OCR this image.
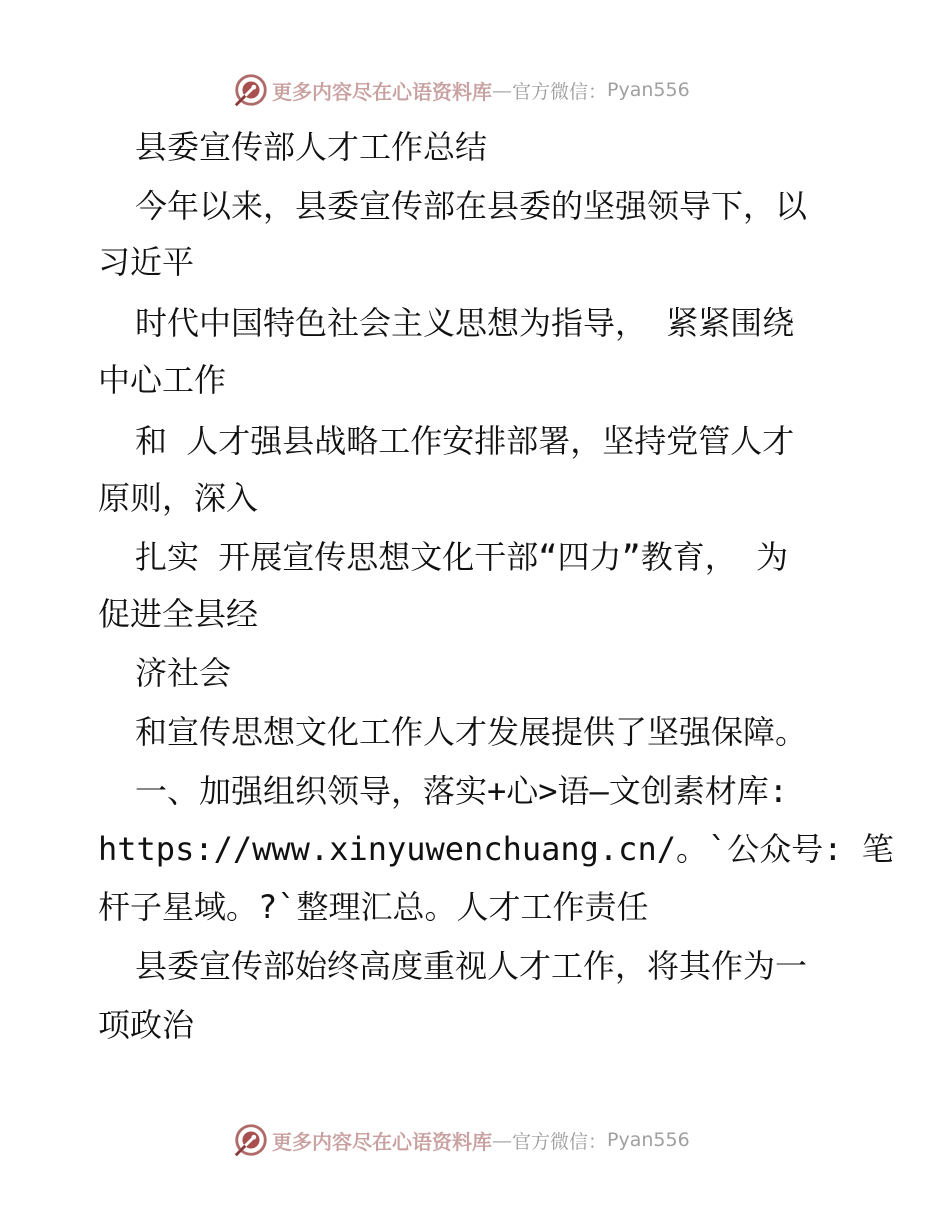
更多内容尽在心语资料库 — 官方微信： Pyan556

县委宣传部人才工作总结

今年以来，县委宣传部在县委的坚强领导下，以

习近平

时代中国特色社会主义思想为指导， 紧紧围绕

中心工作

和 人才强县战略工作安排部署，坚持党管人才

原则，深入

扎实 开展宣传思想文化干部“四力”教育， 为

促进全县经

济社会

和宣传思想文化工作人才发展提供了坚强保障。

一、加强组织领导，落实+心>语—文创素材库:

https://www.xinyuwenchuang.cn/。`公众号: 笔

杆子星域。?`整理汇总。人才工作责任

县委宣传部始终高度重视人才工作，将其作为一

项政治

更多内容尽在心语资料库 — 官方微信： Pyan556
